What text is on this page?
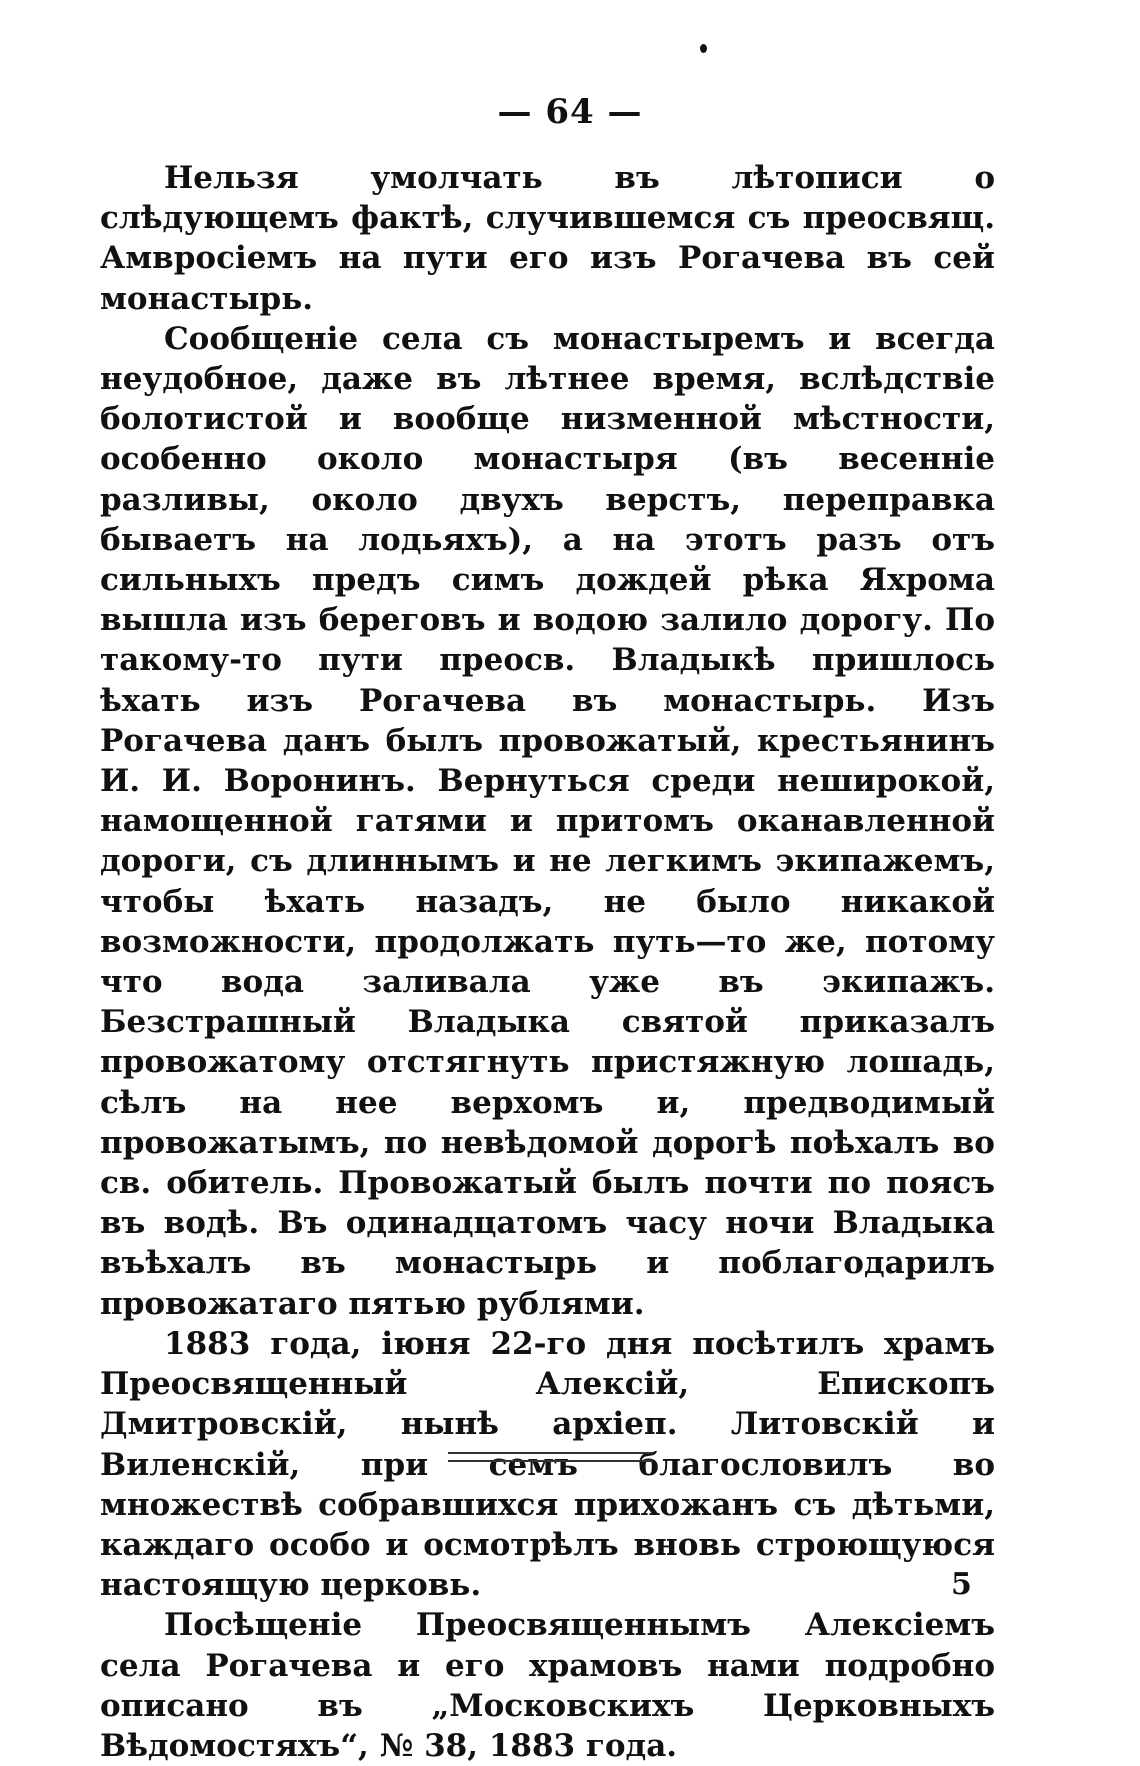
— 64 —

Нельзя умолчать въ лѣтописи о слѣдующемъ фактѣ, случившемся съ преосвящ. Амвросіемъ на пути его изъ Рогачева въ сей монастырь.

Сообщеніе села съ монастыремъ и всегда неудобное, даже въ лѣтнее время, вслѣдствіе болотистой и вообще низменной мѣстности, особенно около монастыря (въ весенніе разливы, около двухъ верстъ, переправка бываетъ на лодьяхъ), а на этотъ разъ отъ сильныхъ предъ симъ дождей рѣка Яхрома вышла изъ береговъ и водою залило дорогу. По такому-то пути преосв. Владыкѣ пришлось ѣхать изъ Рогачева въ монастырь. Изъ Рогачева данъ былъ провожатый, крестьянинъ И. И. Воронинъ. Вернуться среди неширокой, намощенной гатями и притомъ оканавленной дороги, съ длиннымъ и не легкимъ экипажемъ, чтобы ѣхать назадъ, не было никакой возможности, продолжать путь—то же, потому что вода заливала уже въ экипажъ. Безстрашный Владыка святой приказалъ провожатому отстягнуть пристяжную лошадь, сѣлъ на нее верхомъ и, предводимый провожатымъ, по невѣдомой дорогѣ поѣхалъ во св. обитель. Провожатый былъ почти по поясъ въ водѣ. Въ одинадцатомъ часу ночи Владыка въѣхалъ въ монастырь и поблагодарилъ провожатаго пятью рублями.

1883 года, іюня 22-го дня посѣтилъ храмъ Преосвященный Алексій, Епископъ Дмитровскій, нынѣ архіеп. Литовскій и Виленскій, при семъ благословилъ во множествѣ собравшихся прихожанъ съ дѣтьми, каждаго особо и осмотрѣлъ вновь строющуюся настоящую церковь.

Посѣщеніе Преосвященнымъ Алексіемъ села Рогачева и его храмовъ нами подробно описано въ „Московскихъ Церковныхъ Вѣдомостяхъ“, № 38, 1883 года.

5
